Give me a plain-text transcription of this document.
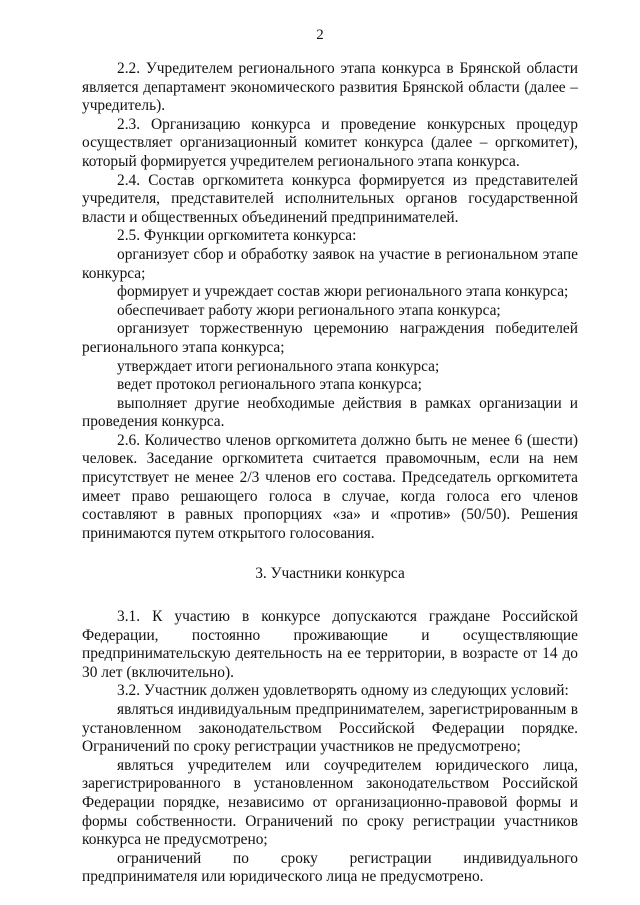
2

2.2. Учредителем регионального этапа конкурса в Брянской области является департамент экономического развития Брянской области (далее – учредитель).

2.3. Организацию конкурса и проведение конкурсных процедур осуществляет организационный комитет конкурса (далее – оргкомитет), который формируется учредителем регионального этапа конкурса.

2.4. Состав оргкомитета конкурса формируется из представителей учредителя, представителей исполнительных органов государственной власти и общественных объединений предпринимателей.

2.5. Функции оргкомитета конкурса:

организует сбор и обработку заявок на участие в региональном этапе конкурса;

формирует и учреждает состав жюри регионального этапа конкурса;

обеспечивает работу жюри регионального этапа конкурса;

организует торжественную церемонию награждения победителей регионального этапа конкурса;

утверждает итоги регионального этапа конкурса;

ведет протокол регионального этапа конкурса;

выполняет другие необходимые действия в рамках организации и проведения конкурса.

2.6. Количество членов оргкомитета должно быть не менее 6 (шести) человек. Заседание оргкомитета считается правомочным, если на нем присутствует не менее 2/3 членов его состава. Председатель оргкомитета имеет право решающего голоса в случае, когда голоса его членов составляют в равных пропорциях «за» и «против» (50/50). Решения принимаются путем открытого голосования.

3. Участники конкурса

3.1. К участию в конкурсе допускаются граждане Российской Федерации, постоянно проживающие и осуществляющие предпринимательскую деятельность на ее территории, в возрасте от 14 до 30 лет (включительно).

3.2. Участник должен удовлетворять одному из следующих условий:

являться индивидуальным предпринимателем, зарегистрированным в установленном законодательством Российской Федерации порядке. Ограничений по сроку регистрации участников не предусмотрено;

являться учредителем или соучредителем юридического лица, зарегистрированного в установленном законодательством Российской Федерации порядке, независимо от организационно-правовой формы и формы собственности. Ограничений по сроку регистрации участников конкурса не предусмотрено;

ограничений по сроку регистрации индивидуального предпринимателя или юридического лица не предусмотрено.
